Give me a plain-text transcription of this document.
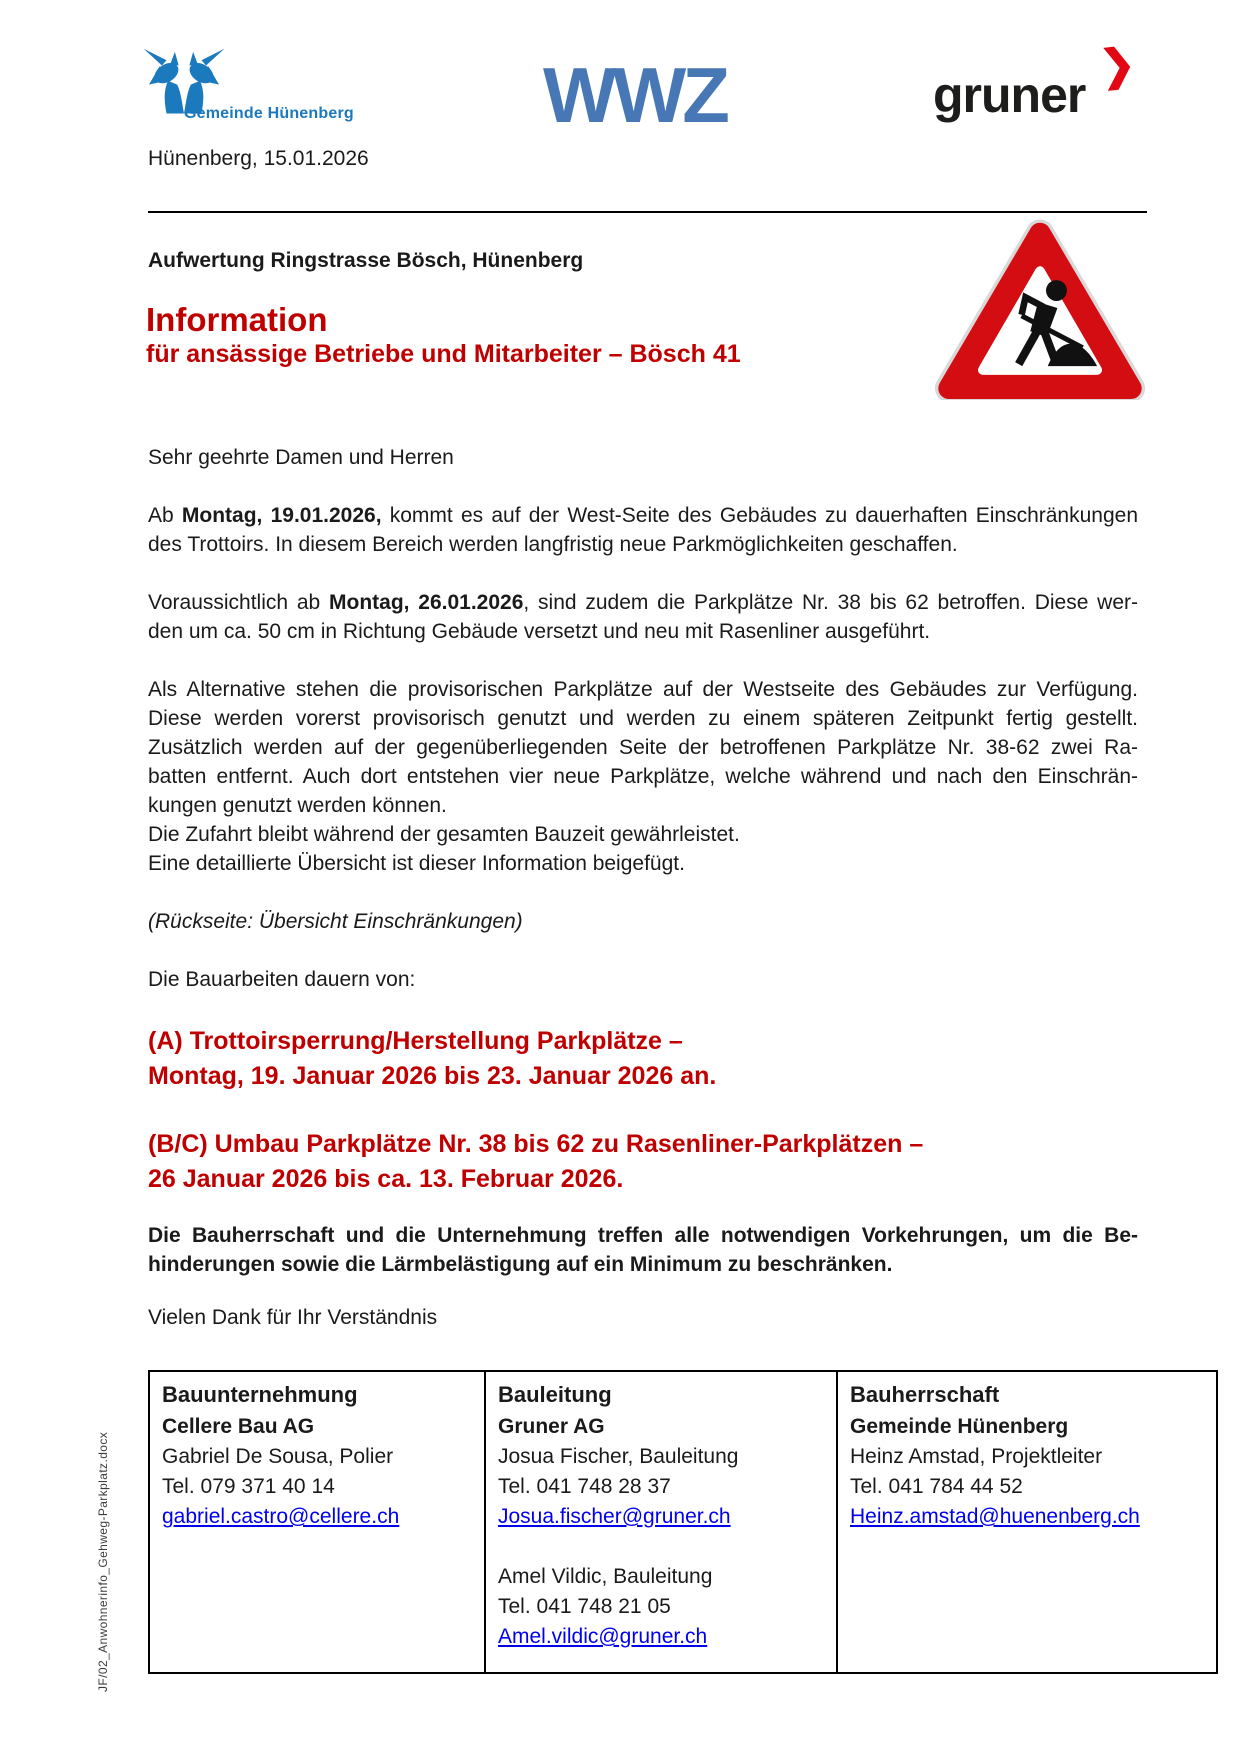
Gemeinde Hünenberg WWZ	gruner
❯
Hünenberg, 15.01.2026
Aufwertung Ringstrasse Bösch, Hünenberg
Information
für ansässige Betriebe und Mitarbeiter – Bösch 41

Sehr geehrte Damen und Herren

Ab Montag, 19.01.2026, kommt es auf der West-Seite des Gebäudes zu dauerhaften Einschränkungen
des Trottoirs. In diesem Bereich werden langfristig neue Parkmöglichkeiten geschaffen.

Voraussichtlich ab Montag, 26.01.2026, sind zudem die Parkplätze Nr. 38 bis 62 betroffen. Diese wer-
den um ca. 50 cm in Richtung Gebäude versetzt und neu mit Rasenliner ausgeführt.

Als Alternative stehen die provisorischen Parkplätze auf der Westseite des Gebäudes zur Verfügung.
Diese werden vorerst provisorisch genutzt und werden zu einem späteren Zeitpunkt fertig gestellt.
Zusätzlich werden auf der gegenüberliegenden Seite der betroffenen Parkplätze Nr. 38-62 zwei Ra-
batten entfernt. Auch dort entstehen vier neue Parkplätze, welche während und nach den Einschrän-
kungen genutzt werden können.
Die Zufahrt bleibt während der gesamten Bauzeit gewährleistet.
Eine detaillierte Übersicht ist dieser Information beigefügt.

(Rückseite: Übersicht Einschränkungen)

Die Bauarbeiten dauern von:

(A) Trottoirsperrung/Herstellung Parkplätze –
Montag, 19. Januar 2026 bis 23. Januar 2026 an.

(B/C) Umbau Parkplätze Nr. 38 bis 62 zu Rasenliner-Parkplätzen –
26 Januar 2026 bis ca. 13. Februar 2026.

Die Bauherrschaft und die Unternehmung treffen alle notwendigen Vorkehrungen, um die Be-
hinderungen sowie die Lärmbelästigung auf ein Minimum zu beschränken.

Vielen Dank für Ihr Verständnis

Bauunternehmung
Cellere Bau AG
Gabriel De Sousa, Polier
Tel. 079 371 40 14
gabriel.castro@cellere.ch

Bauleitung
Gruner AG
Josua Fischer, Bauleitung
Tel. 041 748 28 37
Josua.fischer@gruner.ch
Amel Vildic, Bauleitung
Tel. 041 748 21 05
Amel.vildic@gruner.ch

Bauherrschaft
Gemeinde Hünenberg
Heinz Amstad, Projektleiter
Tel. 041 784 44 52
Heinz.amstad@huenenberg.ch
JF/02_Anwohnerinfo_Gehweg-Parkplatz.docx
